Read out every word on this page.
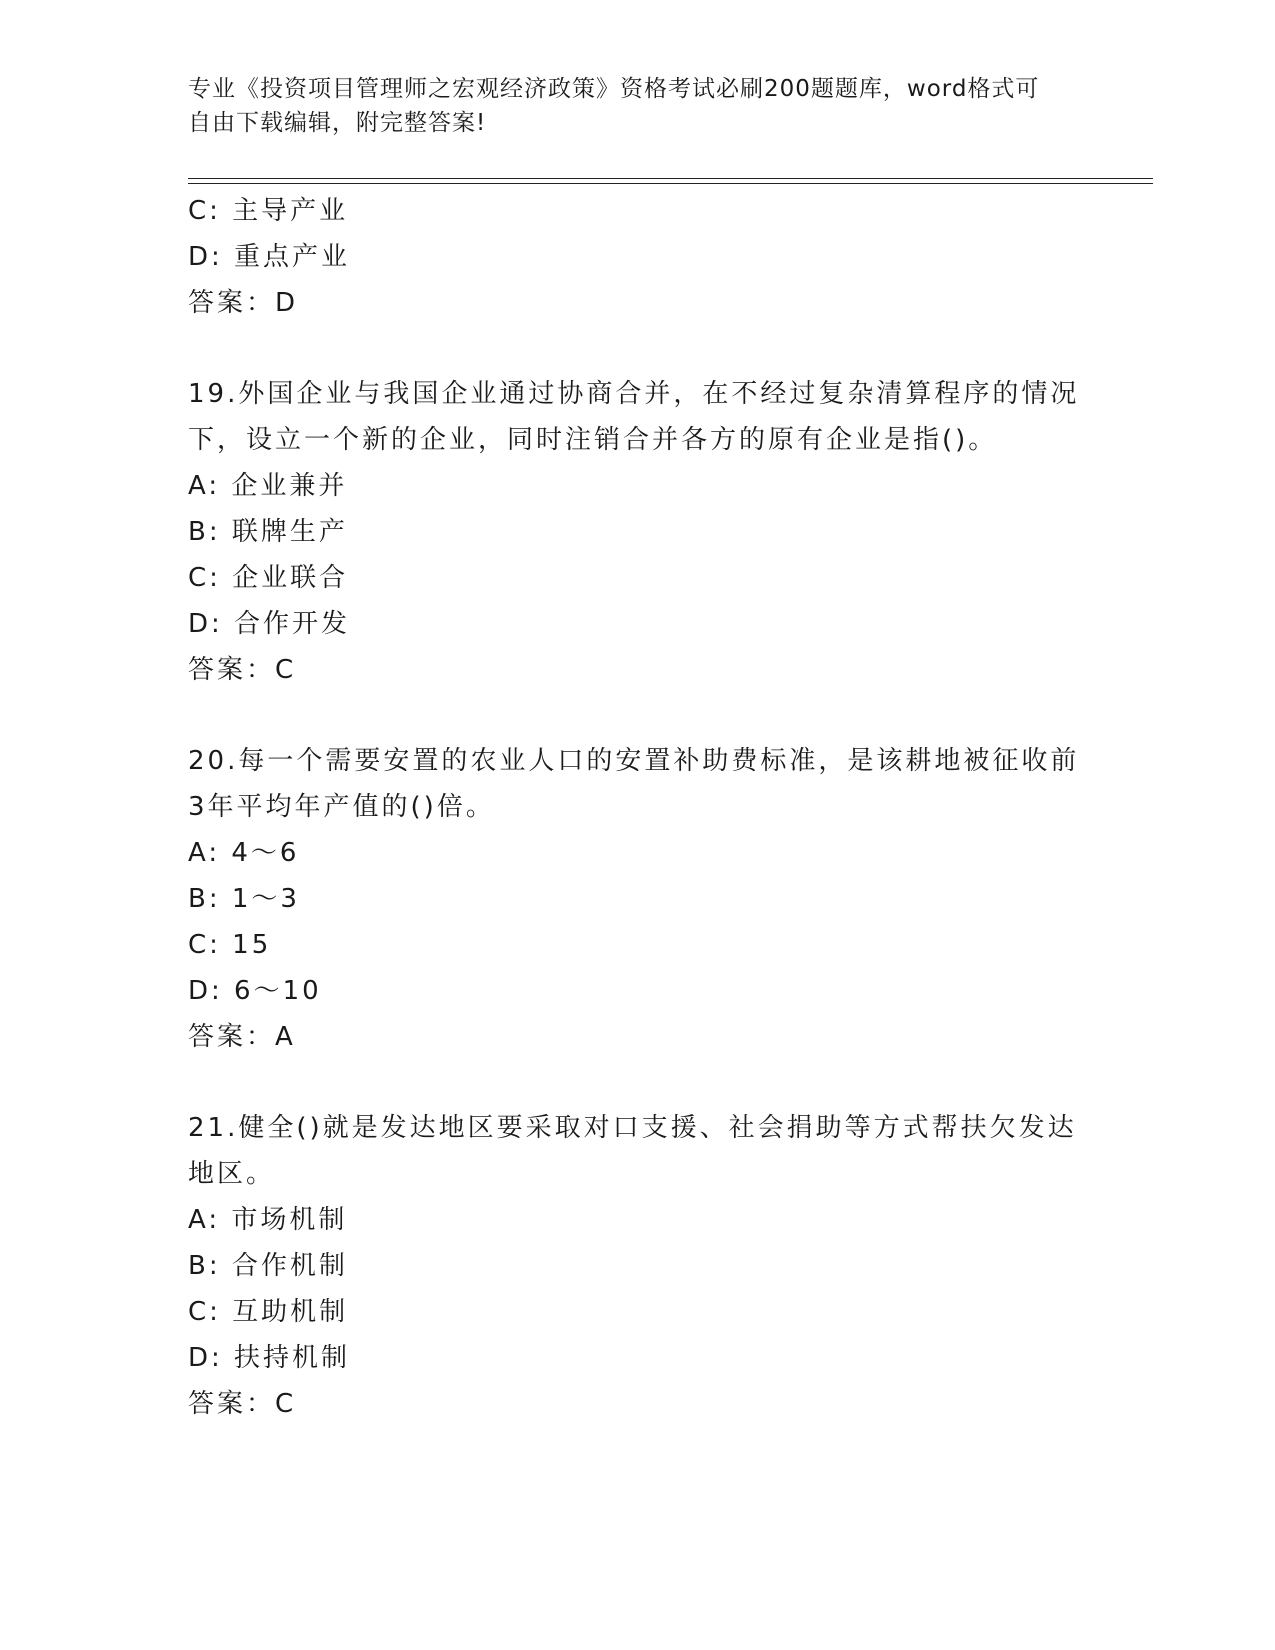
专业《投资项目管理师之宏观经济政策》资格考试必刷200题题库，word格式可
自由下载编辑，附完整答案!
C: 主导产业
D: 重点产业
答案：D
19.外国企业与我国企业通过协商合并，在不经过复杂清算程序的情况
下，设立一个新的企业，同时注销合并各方的原有企业是指()。
A: 企业兼并
B: 联牌生产
C: 企业联合
D: 合作开发
答案：C
20.每一个需要安置的农业人口的安置补助费标准，是该耕地被征收前
3年平均年产值的()倍。
A: 4～6
B: 1～3
C: 15
D: 6～10
答案：A
21.健全()就是发达地区要采取对口支援、社会捐助等方式帮扶欠发达
地区。
A: 市场机制
B: 合作机制
C: 互助机制
D: 扶持机制
答案：C
